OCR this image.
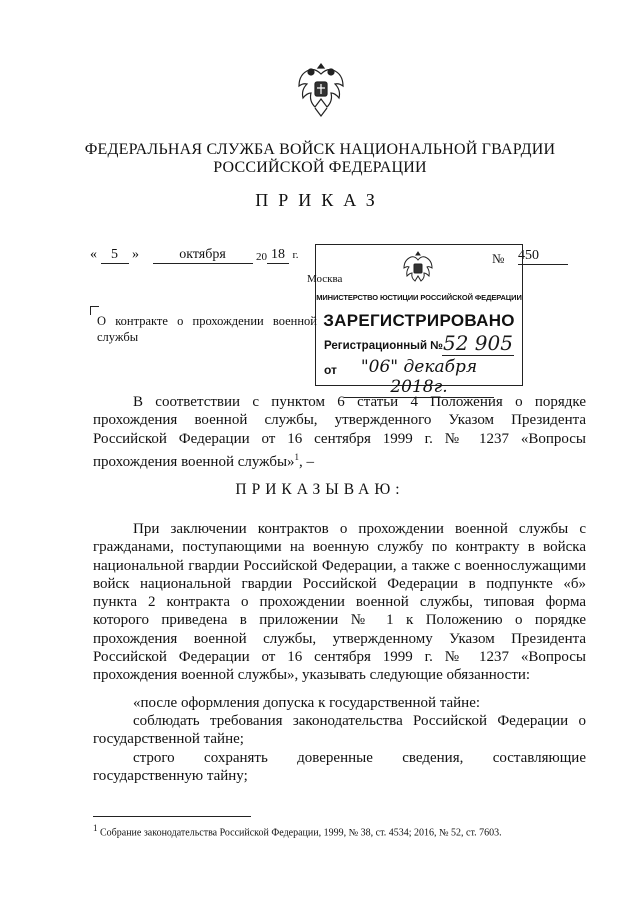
ФЕДЕРАЛЬНАЯ СЛУЖБА ВОЙСК НАЦИОНАЛЬНОЙ ГВАРДИИ
РОССИЙСКОЙ ФЕДЕРАЦИИ
ПРИКАЗ
« 5 »	октября	20 18 г.	№ 450
МИНИСТЕРСТВО ЮСТИЦИИ РОССИЙСКОЙ ФЕДЕРАЦИИ
ЗАРЕГИСТРИРОВАНО
Регистрационный № 52 905
от	"06" декабря 2018г.
Москва
О контракте о прохождении военной службы
В соответствии с пунктом 6 статьи 4 Положения о порядке прохождения военной службы, утвержденного Указом Президента Российской Федерации от 16 сентября 1999 г. № 1237 «Вопросы прохождения военной службы»$^1$, –
ПРИКАЗЫВАЮ:
При заключении контрактов о прохождении военной службы с гражданами, поступающими на военную службу по контракту в войска национальной гвардии Российской Федерации, а также с военнослужащими войск национальной гвардии Российской Федерации в подпункте «б» пункта 2 контракта о прохождении военной службы, типовая форма которого приведена в приложении № 1 к Положению о порядке прохождения военной службы, утвержденному Указом Президента Российской Федерации от 16 сентября 1999 г. № 1237 «Вопросы прохождения военной службы», указывать следующие обязанности:
«после оформления допуска к государственной тайне:
соблюдать требования законодательства Российской Федерации о государственной тайне;
строго сохранять доверенные сведения, составляющие государственную тайну;
$^1$ Собрание законодательства Российской Федерации, 1999, № 38, ст. 4534; 2016, № 52, ст. 7603.
